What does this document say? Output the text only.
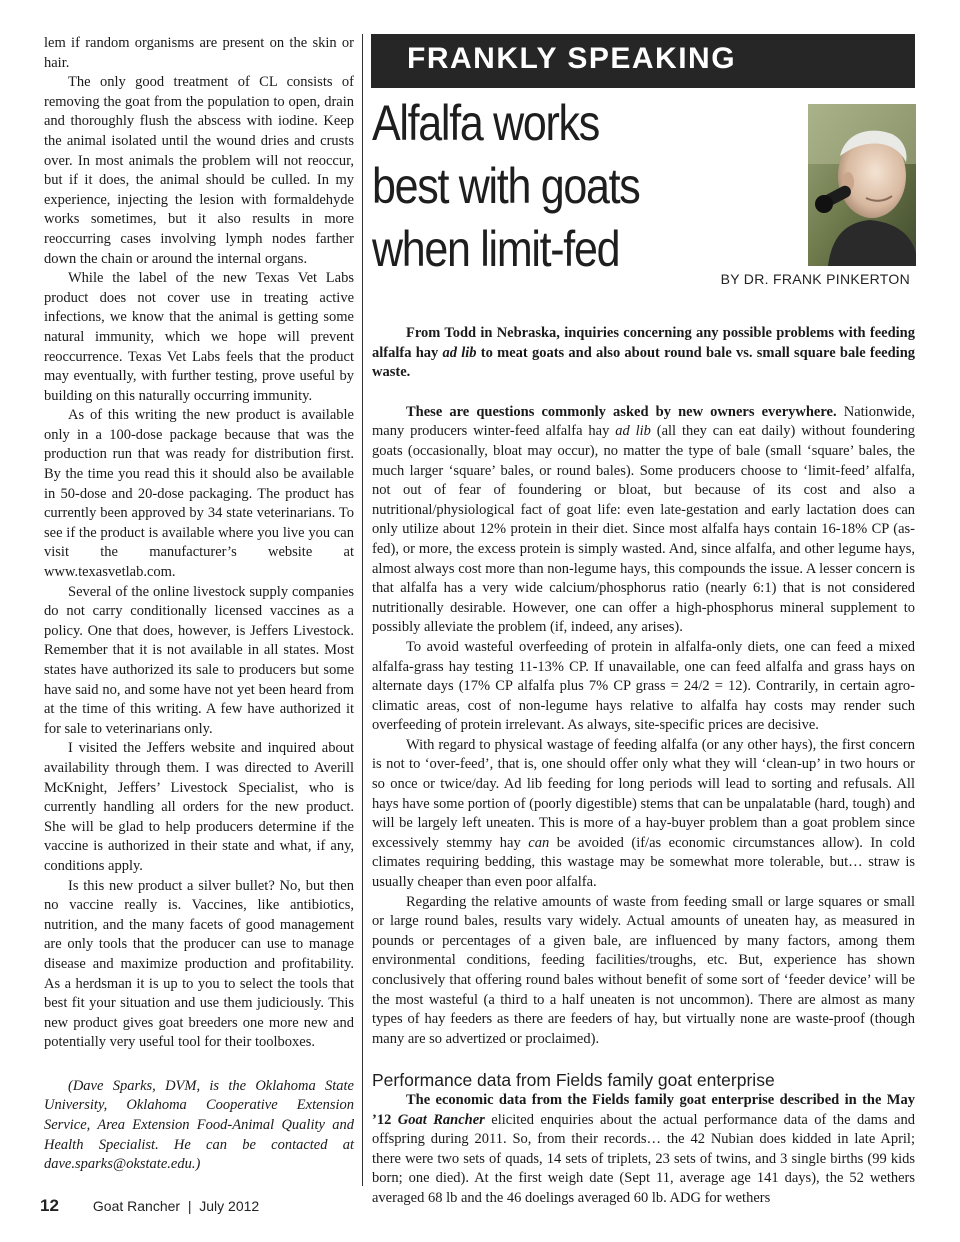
lem if random organisms are present on the skin or hair.

The only good treatment of CL consists of removing the goat from the population to open, drain and thoroughly flush the abscess with iodine. Keep the animal isolated until the wound dries and crusts over. In most animals the problem will not reoccur, but if it does, the animal should be culled. In my experience, injecting the lesion with formaldehyde works sometimes, but it also results in more reoccurring cases involving lymph nodes farther down the chain or around the internal organs.

While the label of the new Texas Vet Labs product does not cover use in treating active infections, we know that the animal is getting some natural immunity, which we hope will prevent reoccurrence. Texas Vet Labs feels that the product may eventually, with further testing, prove useful by building on this naturally occurring immunity.

As of this writing the new product is available only in a 100-dose package because that was the production run that was ready for distribution first. By the time you read this it should also be available in 50-dose and 20-dose packaging. The product has currently been approved by 34 state veterinarians. To see if the product is available where you live you can visit the manufacturer’s website at www.texasvetlab.com.

Several of the online livestock supply companies do not carry conditionally licensed vaccines as a policy. One that does, however, is Jeffers Livestock. Remember that it is not available in all states. Most states have authorized its sale to producers but some have said no, and some have not yet been heard from at the time of this writing. A few have authorized it for sale to veterinarians only.

I visited the Jeffers website and inquired about availability through them. I was directed to Averill McKnight, Jeffers’ Livestock Specialist, who is currently handling all orders for the new product. She will be glad to help producers determine if the vaccine is authorized in their state and what, if any, conditions apply.

Is this new product a silver bullet? No, but then no vaccine really is. Vaccines, like antibiotics, nutrition, and the many facets of good management are only tools that the producer can use to manage disease and maximize production and profitability. As a herdsman it is up to you to select the tools that best fit your situation and use them judiciously. This new product gives goat breeders one more new and potentially very useful tool for their toolboxes.

(Dave Sparks, DVM, is the Oklahoma State University, Oklahoma Cooperative Extension Service, Area Extension Food-Animal Quality and Health Specialist. He can be contacted at dave.sparks@okstate.edu.)

FRANKLY SPEAKING
Alfalfa works
best with goats
when limit-fed
BY DR. FRANK PINKERTON

From Todd in Nebraska, inquiries concerning any possible problems with feeding alfalfa hay ad lib to meat goats and also about round bale vs. small square bale feeding waste.

These are questions commonly asked by new owners everywhere. Nationwide, many producers winter-feed alfalfa hay ad lib (all they can eat daily) without foundering goats (occasionally, bloat may occur), no matter the type of bale (small ‘square’ bales, the much larger ‘square’ bales, or round bales). Some producers choose to ‘limit-feed’ alfalfa, not out of fear of foundering or bloat, but because of its cost and also a nutritional/physiological fact of goat life: even late-gestation and early lactation does can only utilize about 12% protein in their diet. Since most alfalfa hays contain 16-18% CP (as-fed), or more, the excess protein is simply wasted. And, since alfalfa, and other legume hays, almost always cost more than non-legume hays, this compounds the issue. A lesser concern is that alfalfa has a very wide calcium/phosphorus ratio (nearly 6:1) that is not considered nutritionally desirable. However, one can offer a high-phosphorus mineral supplement to possibly alleviate the problem (if, indeed, any arises).

To avoid wasteful overfeeding of protein in alfalfa-only diets, one can feed a mixed alfalfa-grass hay testing 11-13% CP. If unavailable, one can feed alfalfa and grass hays on alternate days (17% CP alfalfa plus 7% CP grass = 24/2 = 12). Contrarily, in certain agro-climatic areas, cost of non-legume hays relative to alfalfa hay costs may render such overfeeding of protein irrelevant. As always, site-specific prices are decisive.

With regard to physical wastage of feeding alfalfa (or any other hays), the first concern is not to ‘over-feed’, that is, one should offer only what they will ‘clean-up’ in two hours or so once or twice/day. Ad lib feeding for long periods will lead to sorting and refusals. All hays have some portion of (poorly digestible) stems that can be unpalatable (hard, tough) and will be largely left uneaten. This is more of a hay-buyer problem than a goat problem since excessively stemmy hay can be avoided (if/as economic circumstances allow). In cold climates requiring bedding, this wastage may be somewhat more tolerable, but… straw is usually cheaper than even poor alfalfa.

Regarding the relative amounts of waste from feeding small or large squares or small or large round bales, results vary widely. Actual amounts of uneaten hay, as measured in pounds or percentages of a given bale, are influenced by many factors, among them environmental conditions, feeding facilities/troughs, etc. But, experience has shown conclusively that offering round bales without benefit of some sort of ‘feeder device’ will be the most wasteful (a third to a half uneaten is not uncommon). There are almost as many types of hay feeders as there are feeders of hay, but virtually none are waste-proof (though many are so advertized or proclaimed).

Performance data from Fields family goat enterprise

The economic data from the Fields family goat enterprise described in the May ’12 Goat Rancher elicited enquiries about the actual performance data of the dams and offspring during 2011. So, from their records… the 42 Nubian does kidded in late April; there were two sets of quads, 14 sets of triplets, 23 sets of twins, and 3 single births (99 kids born; one died). At the first weigh date (Sept 11, average age 141 days), the 52 wethers averaged 68 lb and the 46 doelings averaged 60 lb. ADG for wethers

12 Goat Rancher  |  July 2012
